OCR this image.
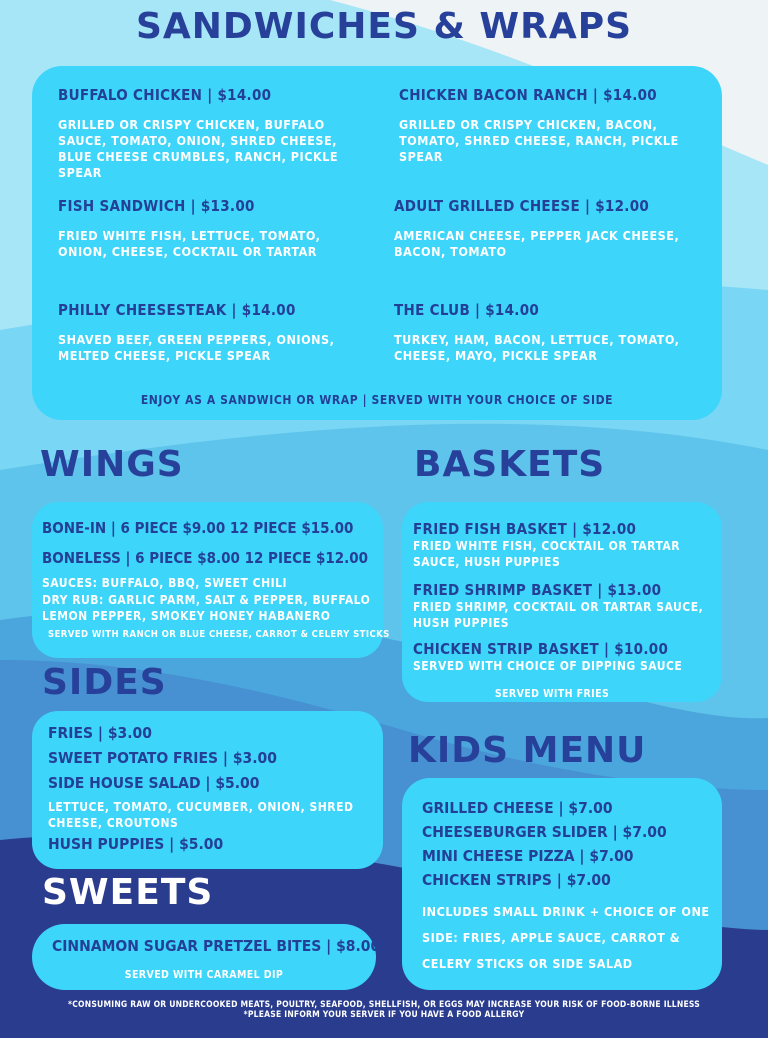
SANDWICHES & WRAPS
BUFFALO CHICKEN | $14.00
GRILLED OR CRISPY CHICKEN, BUFFALO SAUCE, TOMATO, ONION, SHRED CHEESE, BLUE CHEESE CRUMBLES, RANCH, PICKLE SPEAR
CHICKEN BACON RANCH | $14.00
GRILLED OR CRISPY CHICKEN, BACON, TOMATO, SHRED CHEESE, RANCH, PICKLE SPEAR
FISH SANDWICH | $13.00
FRIED WHITE FISH, LETTUCE, TOMATO, ONION, CHEESE, COCKTAIL OR TARTAR
ADULT GRILLED CHEESE | $12.00
AMERICAN CHEESE, PEPPER JACK CHEESE, BACON, TOMATO
PHILLY CHEESESTEAK | $14.00
SHAVED BEEF, GREEN PEPPERS, ONIONS, MELTED CHEESE, PICKLE SPEAR
THE CLUB | $14.00
TURKEY, HAM, BACON, LETTUCE, TOMATO, CHEESE, MAYO, PICKLE SPEAR
ENJOY AS A SANDWICH OR WRAP | SERVED WITH YOUR CHOICE OF SIDE
WINGS
BONE-IN | 6 PIECE $9.00 12 PIECE $15.00
BONELESS | 6 PIECE $8.00 12 PIECE $12.00
SAUCES: BUFFALO, BBQ, SWEET CHILI
DRY RUB: GARLIC PARM, SALT & PEPPER, BUFFALO LEMON PEPPER, SMOKEY HONEY HABANERO
SERVED WITH RANCH OR BLUE CHEESE, CARROT & CELERY STICKS
BASKETS
FRIED FISH BASKET | $12.00
FRIED WHITE FISH, COCKTAIL OR TARTAR SAUCE, HUSH PUPPIES
FRIED SHRIMP BASKET | $13.00
FRIED SHRIMP, COCKTAIL OR TARTAR SAUCE, HUSH PUPPIES
CHICKEN STRIP BASKET | $10.00
SERVED WITH CHOICE OF DIPPING SAUCE
SERVED WITH FRIES
SIDES
FRIES | $3.00
SWEET POTATO FRIES | $3.00
SIDE HOUSE SALAD | $5.00
LETTUCE, TOMATO, CUCUMBER, ONION, SHRED CHEESE, CROUTONS
HUSH PUPPIES | $5.00
KIDS MENU
GRILLED CHEESE | $7.00
CHEESEBURGER SLIDER | $7.00
MINI CHEESE PIZZA | $7.00
CHICKEN STRIPS | $7.00
INCLUDES SMALL DRINK + CHOICE OF ONE
SIDE: FRIES, APPLE SAUCE, CARROT &
CELERY STICKS OR SIDE SALAD
SWEETS
CINNAMON SUGAR PRETZEL BITES | $8.00
SERVED WITH CARAMEL DIP
*CONSUMING RAW OR UNDERCOOKED MEATS, POULTRY, SEAFOOD, SHELLFISH, OR EGGS MAY INCREASE YOUR RISK OF FOOD-BORNE ILLNESS
*PLEASE INFORM YOUR SERVER IF YOU HAVE A FOOD ALLERGY
